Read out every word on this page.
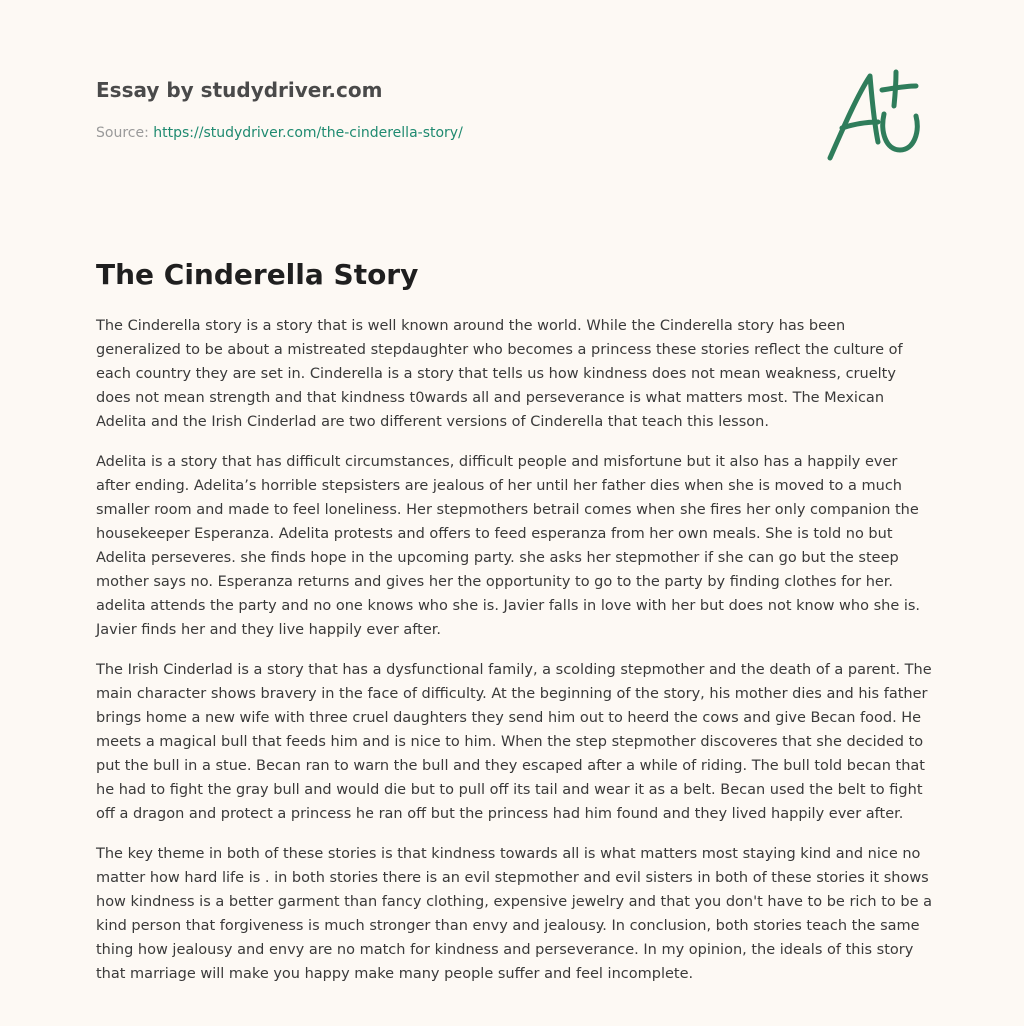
Essay by studydriver.com
Source: https://studydriver.com/the-cinderella-story/
The Cinderella Story

The Cinderella story is a story that is well known around the world. While the Cinderella story has been generalized to be about a mistreated stepdaughter who becomes a princess these stories reflect the culture of each country they are set in. Cinderella is a story that tells us how kindness does not mean weakness, cruelty does not mean strength and that kindness t0wards all and perseverance is what matters most. The Mexican Adelita and the Irish Cinderlad are two different versions of Cinderella that teach this lesson.

Adelita is a story that has difficult circumstances, difficult people and misfortune but it also has a happily ever after ending. Adelita’s horrible stepsisters are jealous of her until her father dies when she is moved to a much smaller room and made to feel loneliness. Her stepmothers betrail comes when she fires her only companion the housekeeper Esperanza. Adelita protests and offers to feed esperanza from her own meals. She is told no but Adelita perseveres. she finds hope in the upcoming party. she asks her stepmother if she can go but the steep mother says no. Esperanza returns and gives her the opportunity to go to the party by finding clothes for her. adelita attends the party and no one knows who she is. Javier falls in love with her but does not know who she is. Javier finds her and they live happily ever after.

The Irish Cinderlad is a story that has a dysfunctional family, a scolding stepmother and the death of a parent. The main character shows bravery in the face of difficulty. At the beginning of the story, his mother dies and his father brings home a new wife with three cruel daughters they send him out to heerd the cows and give Becan food. He meets a magical bull that feeds him and is nice to him. When the step stepmother discoveres that she decided to put the bull in a stue. Becan ran to warn the bull and they escaped after a while of riding. The bull told becan that he had to fight the gray bull and would die but to pull off its tail and wear it as a belt. Becan used the belt to fight off a dragon and protect a princess he ran off but the princess had him found and they lived happily ever after.

The key theme in both of these stories is that kindness towards all is what matters most staying kind and nice no matter how hard life is . in both stories there is an evil stepmother and evil sisters in both of these stories it shows how kindness is a better garment than fancy clothing, expensive jewelry and that you don't have to be rich to be a kind person that forgiveness is much stronger than envy and jealousy. In conclusion, both stories teach the same thing how jealousy and envy are no match for kindness and perseverance. In my opinion, the ideals of this story that marriage will make you happy make many people suffer and feel incomplete.
